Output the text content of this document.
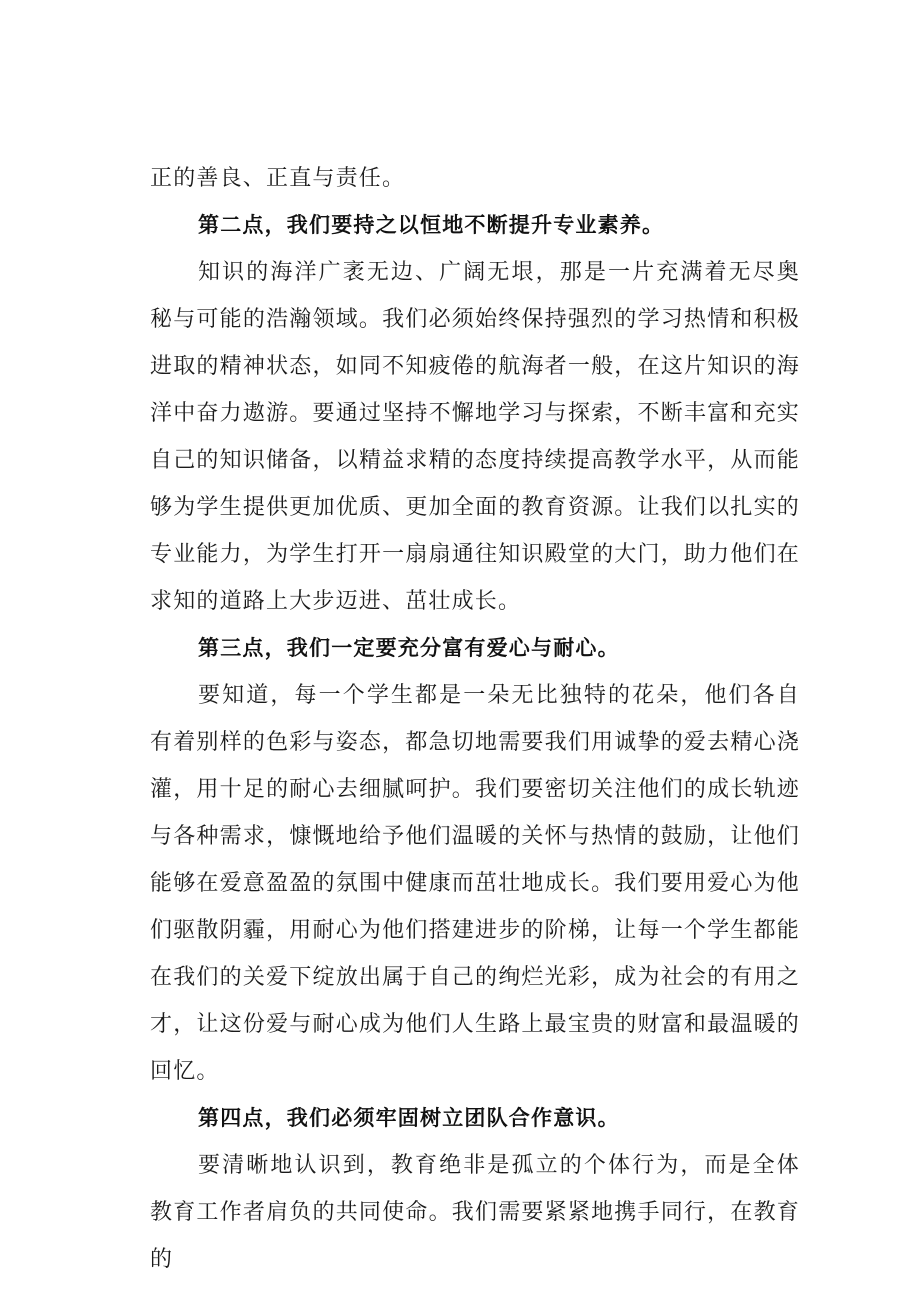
正的善良、正直与责任。

第二点，我们要持之以恒地不断提升专业素养。

知识的海洋广袤无边、广阔无垠，那是一片充满着无尽奥秘与可能的浩瀚领域。我们必须始终保持强烈的学习热情和积极进取的精神状态，如同不知疲倦的航海者一般，在这片知识的海洋中奋力遨游。要通过坚持不懈地学习与探索，不断丰富和充实自己的知识储备，以精益求精的态度持续提高教学水平，从而能够为学生提供更加优质、更加全面的教育资源。让我们以扎实的专业能力，为学生打开一扇扇通往知识殿堂的大门，助力他们在求知的道路上大步迈进、茁壮成长。

第三点，我们一定要充分富有爱心与耐心。

要知道，每一个学生都是一朵无比独特的花朵，他们各自有着别样的色彩与姿态，都急切地需要我们用诚挚的爱去精心浇灌，用十足的耐心去细腻呵护。我们要密切关注他们的成长轨迹与各种需求，慷慨地给予他们温暖的关怀与热情的鼓励，让他们能够在爱意盈盈的氛围中健康而茁壮地成长。我们要用爱心为他们驱散阴霾，用耐心为他们搭建进步的阶梯，让每一个学生都能在我们的关爱下绽放出属于自己的绚烂光彩，成为社会的有用之才，让这份爱与耐心成为他们人生路上最宝贵的财富和最温暖的回忆。

第四点，我们必须牢固树立团队合作意识。

要清晰地认识到，教育绝非是孤立的个体行为，而是全体教育工作者肩负的共同使命。我们需要紧紧地携手同行，在教育的
